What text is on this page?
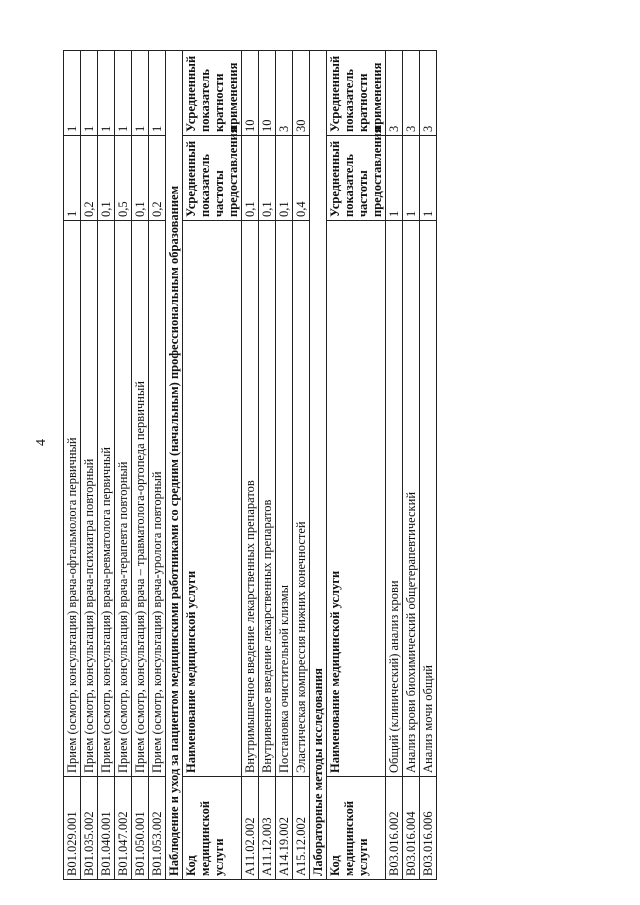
4
B01.029.001	Прием (осмотр, консультация) врача-офтальмолога первичный	1	1
B01.035.002	Прием (осмотр, консультация) врача-психиатра повторный	0,2	1
B01.040.001	Прием (осмотр, консультация) врача-ревматолога первичный	0,1	1
B01.047.002	Прием (осмотр, консультация) врача-терапевта повторный	0,5	1
B01.050.001	Прием (осмотр, консультация) врача – травматолога-ортопеда первичный	0,1	1
B01.053.002	Прием (осмотр, консультация) врача-уролога повторный	0,2	1
Наблюдение и уход за пациентом медицинскими работниками со средним (начальным) профессиональным образованием			
Код медицинской услуги	Наименование медицинской услуги	Усредненный показатель частоты предоставления	Усредненный показатель кратности применения
A11.02.002	Внутримышечное введение лекарственных препаратов	0,1	10
A11.12.003	Внутривенное введение лекарственных препаратов	0,1	10
A14.19.002	Постановка очистительной клизмы	0,1	3
A15.12.002	Эластическая компрессия нижних конечностей	0,4	30
Лабораторные методы исследования			
Код медицинской услуги	Наименование медицинской услуги	Усредненный показатель частоты предоставления	Усредненный показатель кратности применения
B03.016.002	Общий (клинический) анализ крови	1	3
B03.016.004	Анализ крови биохимический общетерапевтический	1	3
B03.016.006	Анализ мочи общий	1	3
